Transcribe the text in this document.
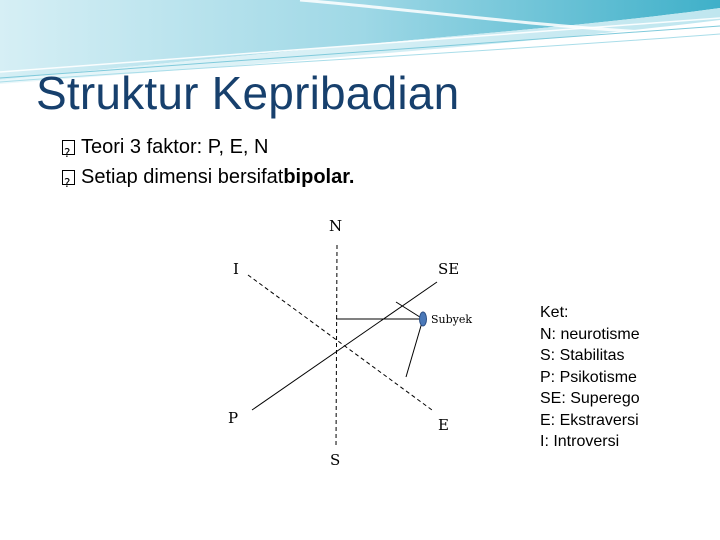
Struktur Kepribadian
?
Teori 3 faktor: P, E, N
?
Setiap dimensi bersifat bipolar.
N
I	SE
Subyek
P	E
S
Ket:
N: neurotisme
S: Stabilitas
P: Psikotisme
SE: Superego
E: Ekstraversi
I: Introversi
